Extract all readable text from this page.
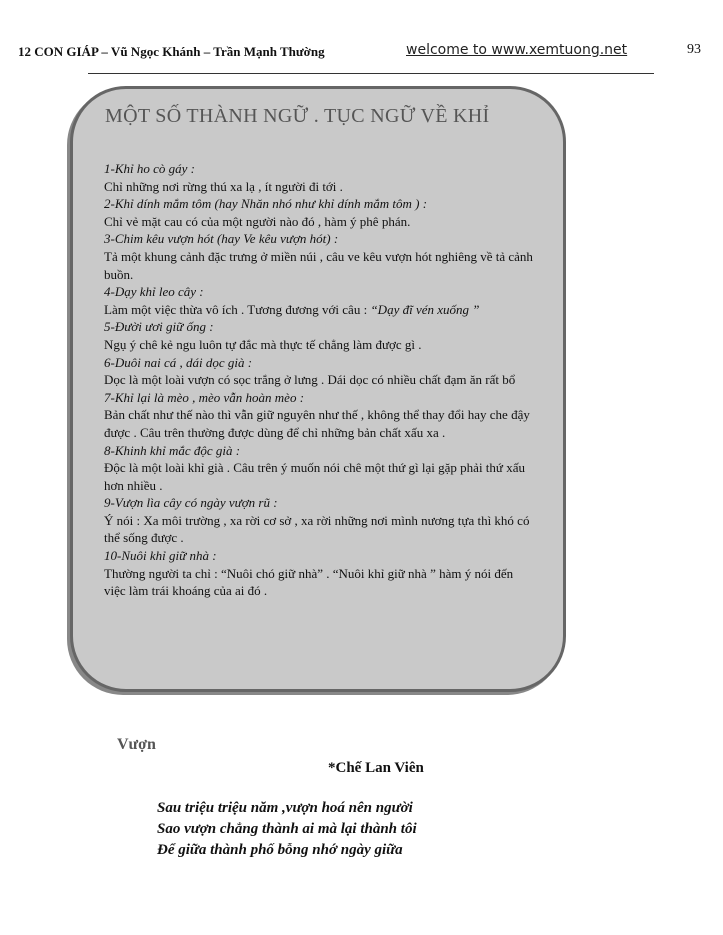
12 CON GIÁP – Vũ Ngọc Khánh – Trần Mạnh Thường	welcome to www.xemtuong.net	93
MỘT SỐ THÀNH NGỮ . TỤC NGỮ VỀ KHỈ
1-Khỉ ho cò gáy :
Chỉ những nơi rừng thú xa lạ , ít người đi tới .
2-Khỉ dính mắm tôm (hay Nhăn nhó như khỉ dính mắm tôm ) :
Chỉ vẻ mặt cau có của một người nào đó , hàm ý phê phán.
3-Chim kêu vượn hót (hay Ve kêu vượn hót) :
Tả một khung cảnh đặc trưng ở miền núi , câu ve kêu vượn hót nghiêng về tả cảnh buồn.
4-Dạy khỉ leo cây :
Làm một việc thừa vô ích . Tương đương với câu : “Dạy đĩ vén xuống ”
5-Đười ươi giữ ống :
Ngụ ý chê kẻ ngu luôn tự đắc mà thực tế chẳng làm được gì .
6-Duôi nai cá , dái dọc già :
Dọc là một loài vượn có sọc trắng ở lưng . Dái dọc có nhiều chất đạm ăn rất bổ
7-Khỉ lại là mèo , mèo vẫn hoàn mèo :
Bản chất như thế nào thì vẫn giữ nguyên như thế , không thể thay đổi hay che đậy được . Câu trên thường được dùng để chỉ những bản chất xấu xa .
8-Khinh khỉ mắc độc già :
Độc là một loài khỉ già . Câu trên ý muốn nói chê một thứ gì lại gặp phải thứ xấu hơn nhiều .
9-Vượn lìa cây có ngày vượn rũ :
Ý nói : Xa môi trường , xa rời cơ sở , xa rời những nơi mình nương tựa thì khó có thể sống được .
10-Nuôi khỉ giữ nhà :
Thường người ta chỉ : “Nuôi chó giữ nhà” . “Nuôi khỉ giữ nhà ” hàm ý nói đến việc làm trái khoáng của ai đó .
Vượn
*Chế Lan Viên
Sau triệu triệu năm ,vượn hoá nên người
Sao vượn chẳng thành ai mà lại thành tôi
Để giữa thành phố bỗng nhớ ngày giữa
